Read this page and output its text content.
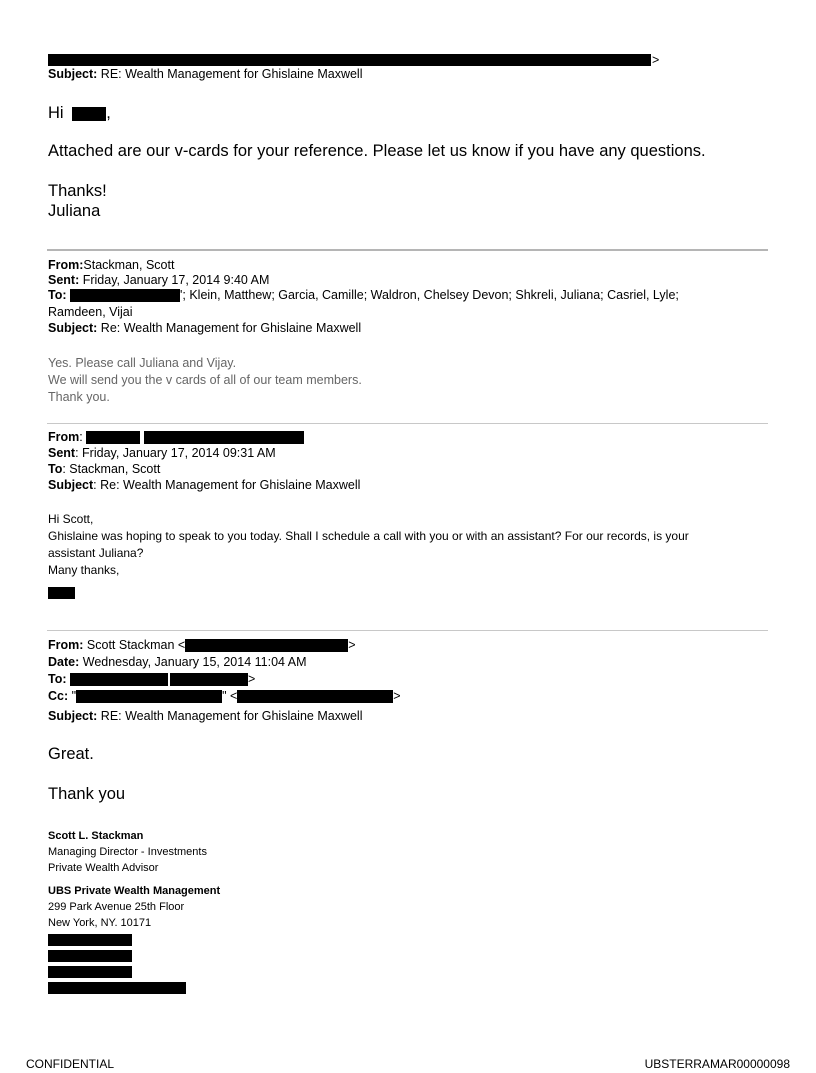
>
Subject: RE: Wealth Management for Ghislaine Maxwell
Hi	,
Attached are our v-cards for your reference. Please let us know if you have any questions.
Thanks!
Juliana
From:Stackman, Scott
Sent: Friday, January 17, 2014 9:40 AM
To:	'; Klein, Matthew; Garcia, Camille; Waldron, Chelsey Devon; Shkreli, Juliana; Casriel, Lyle;
Ramdeen, Vijai
Subject: Re: Wealth Management for Ghislaine Maxwell
Yes. Please call Juliana and Vijay.
We will send you the v cards of all of our team members.
Thank you.
From:
Sent: Friday, January 17, 2014 09:31 AM
To: Stackman, Scott
Subject: Re: Wealth Management for Ghislaine Maxwell
Hi Scott,
Ghislaine was hoping to speak to you today. Shall I schedule a call with you or with an assistant? For our records, is your
assistant Juliana?
Many thanks,
From: Scott Stackman <	>
Date: Wednesday, January 15, 2014 11:04 AM
To:	>
Cc: "	" <	>
Subject: RE: Wealth Management for Ghislaine Maxwell
Great.
Thank you
Scott L. Stackman
Managing Director - Investments
Private Wealth Advisor
UBS Private Wealth Management
299 Park Avenue 25th Floor
New York, NY. 10171
CONFIDENTIAL	UBSTERRAMAR00000098
